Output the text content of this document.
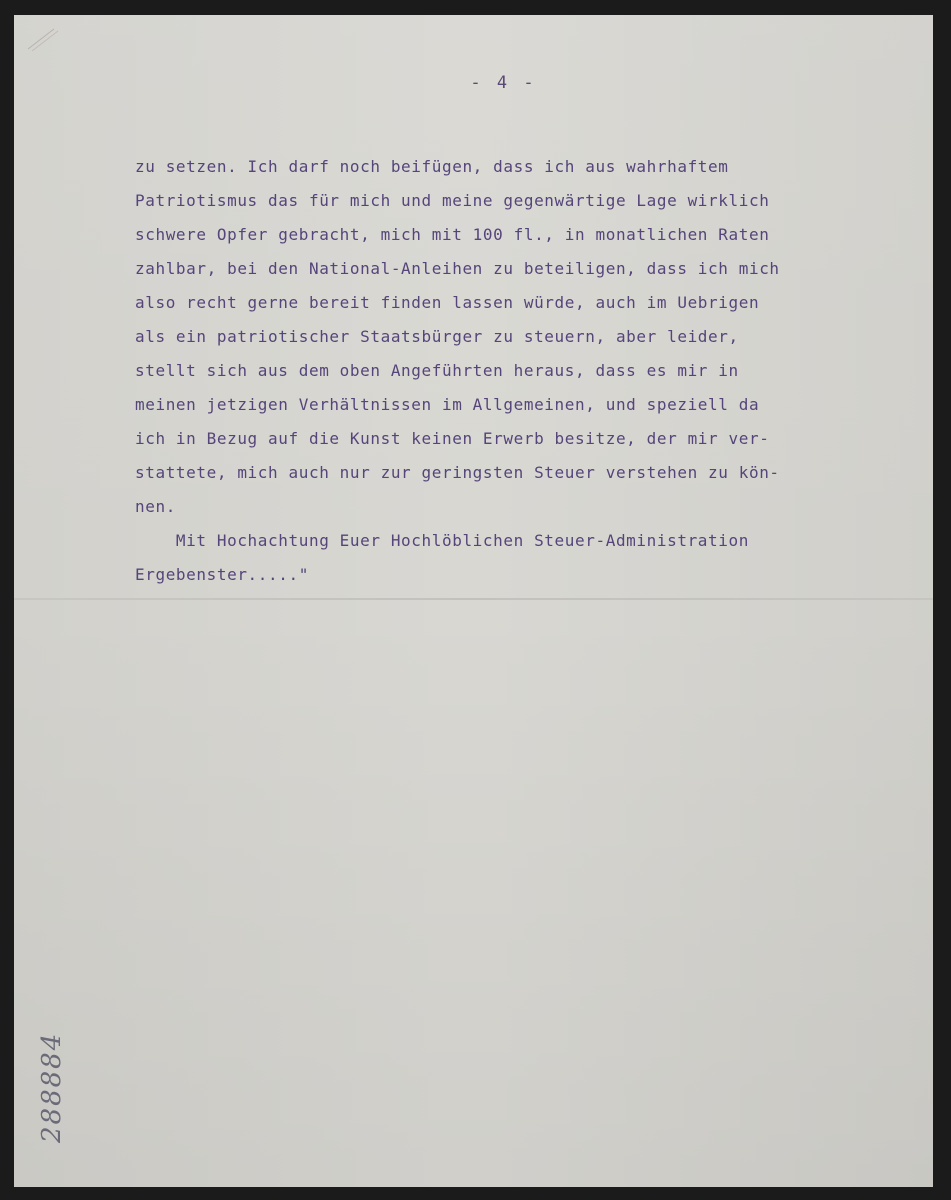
- 4 -
zu setzen. Ich darf noch beifügen, dass ich aus wahrhaftem
Patriotismus das für mich und meine gegenwärtige Lage wirklich
schwere Opfer gebracht, mich mit 100 fl., in monatlichen Raten
zahlbar, bei den National-Anleihen zu beteiligen, dass ich mich
also recht gerne bereit finden lassen würde, auch im Uebrigen
als ein patriotischer Staatsbürger zu steuern, aber leider,
stellt sich aus dem oben Angeführten heraus, dass es mir in
meinen jetzigen Verhältnissen im Allgemeinen, und speziell da
ich in Bezug auf die Kunst keinen Erwerb besitze, der mir ver-
stattete, mich auch nur zur geringsten Steuer verstehen zu kön-
nen.
Mit Hochachtung Euer Hochlöblichen Steuer-Administration
Ergebenster....."
288884
